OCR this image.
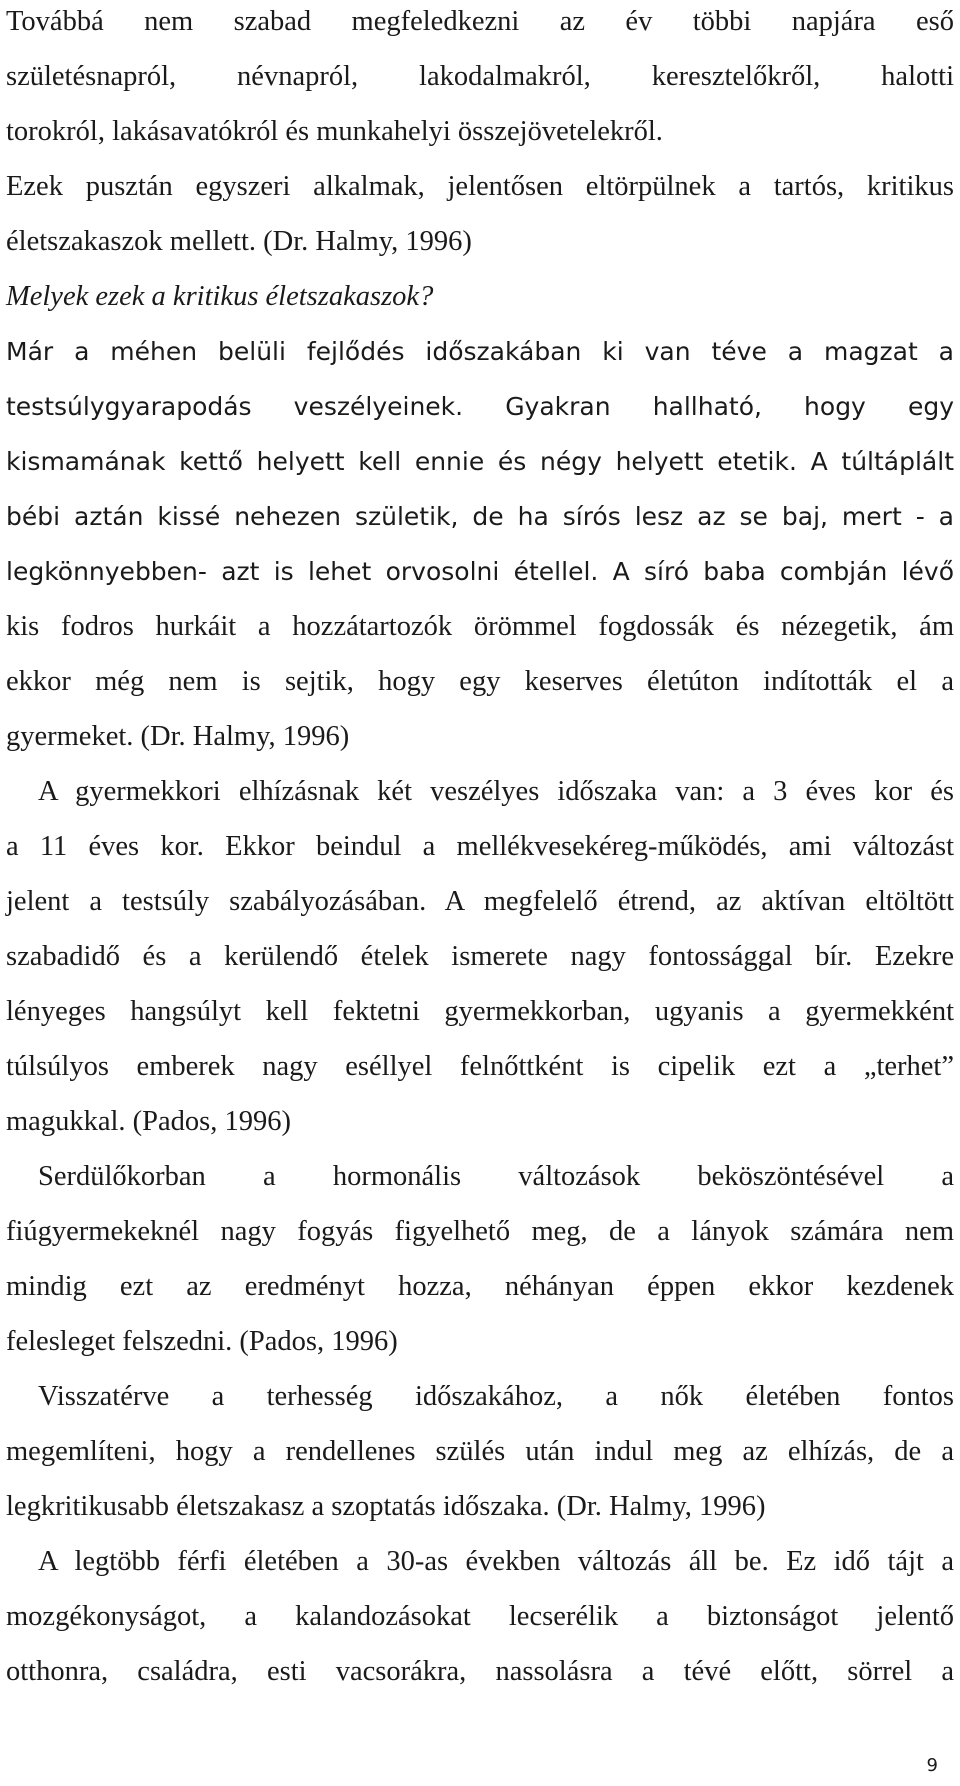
Továbbá nem szabad megfeledkezni az év többi napjára eső
születésnapról, névnapról, lakodalmakról, keresztelőkről, halotti
torokról, lakásavatókról és munkahelyi összejövetelekről.
Ezek pusztán egyszeri alkalmak, jelentősen eltörpülnek a tartós, kritikus
életszakaszok mellett. (Dr. Halmy, 1996)
Melyek ezek a kritikus életszakaszok?
Már a méhen belüli fejlődés időszakában ki van téve a magzat a
testsúlygyarapodás veszélyeinek. Gyakran hallható, hogy egy
kismamának kettő helyett kell ennie és négy helyett etetik. A túltáplált
bébi aztán kissé nehezen születik, de ha sírós lesz az se baj, mert - a
legkönnyebben- azt is lehet orvosolni étellel. A síró baba combján lévő
kis fodros hurkáit a hozzátartozók örömmel fogdossák és nézegetik, ám
ekkor még nem is sejtik, hogy egy keserves életúton indították el a
gyermeket. (Dr. Halmy, 1996)
A gyermekkori elhízásnak két veszélyes időszaka van: a 3 éves kor és
a 11 éves kor. Ekkor beindul a mellékvesekéreg-működés, ami változást
jelent a testsúly szabályozásában. A megfelelő étrend, az aktívan eltöltött
szabadidő és a kerülendő ételek ismerete nagy fontossággal bír. Ezekre
lényeges hangsúlyt kell fektetni gyermekkorban, ugyanis a gyermekként
túlsúlyos emberek nagy eséllyel felnőttként is cipelik ezt a „terhet”
magukkal. (Pados, 1996)
Serdülőkorban a hormonális változások beköszöntésével a
fiúgyermekeknél nagy fogyás figyelhető meg, de a lányok számára nem
mindig ezt az eredményt hozza, néhányan éppen ekkor kezdenek
felesleget felszedni. (Pados, 1996)
Visszatérve a terhesség időszakához, a nők életében fontos
megemlíteni, hogy a rendellenes szülés után indul meg az elhízás, de a
legkritikusabb életszakasz a szoptatás időszaka. (Dr. Halmy, 1996)
A legtöbb férfi életében a 30-as években változás áll be. Ez idő tájt a
mozgékonyságot, a kalandozásokat lecserélik a biztonságot jelentő
otthonra, családra, esti vacsorákra, nassolásra a tévé előtt, sörrel a
9
